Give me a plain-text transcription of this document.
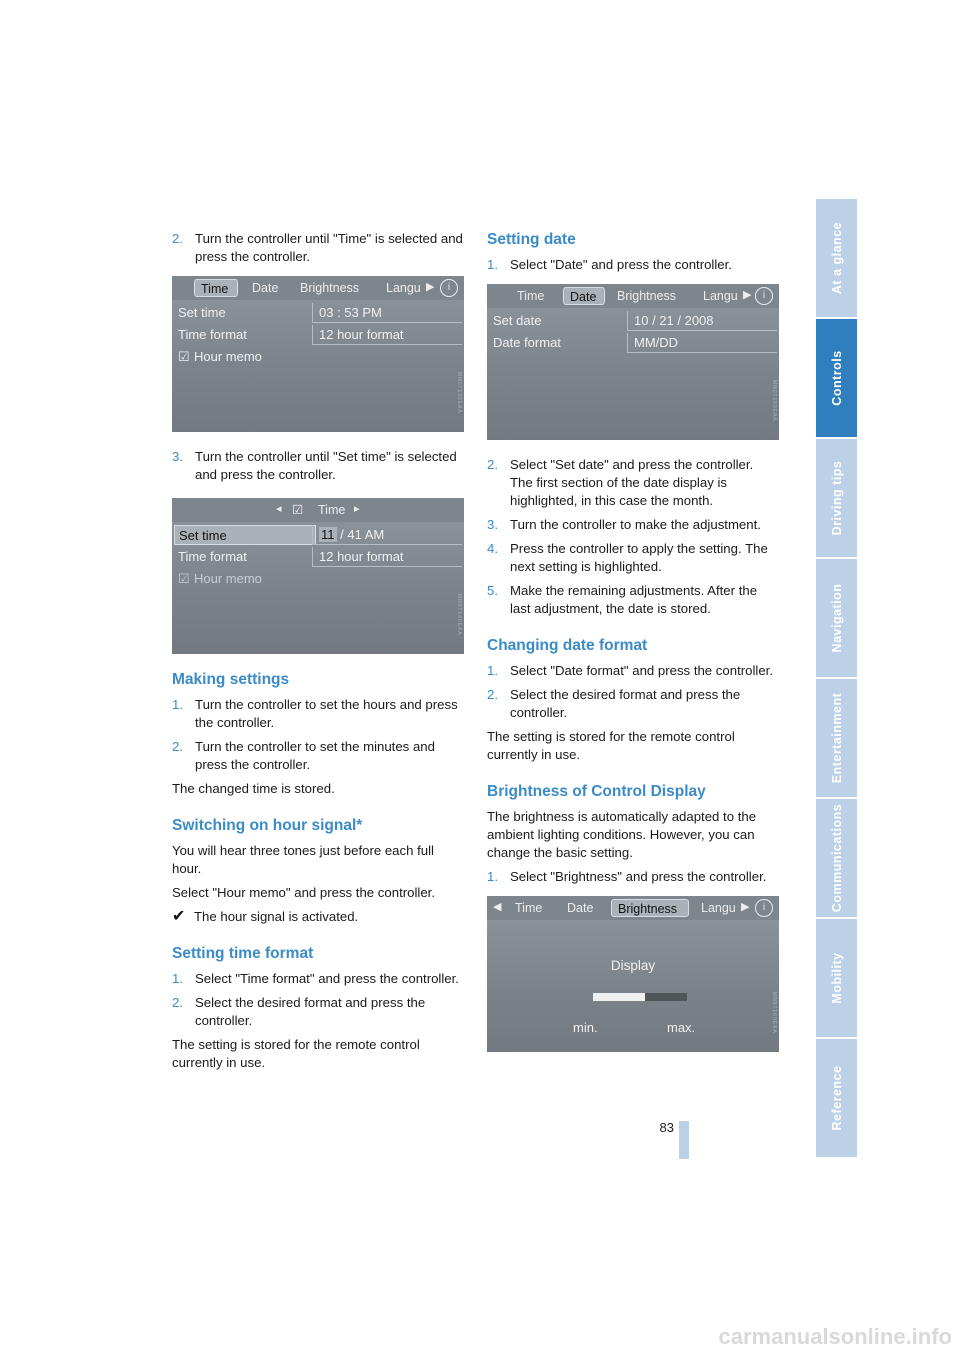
2. Turn the controller until "Time" is selected and press the controller.
Time	Date Brightness Langu ▶	i
Set time	03 : 53 PM
Time format	12 hour format
☑ Hour memo
MN07130EAA
3. Turn the controller until "Set time" is selected and press the controller.
◂ ☑ Time ▸
Set time	11 / 41 AM
Time format	12 hour format
☑ Hour memo
MN07140EAA
Making settings
1. Turn the controller to set the hours and press the controller.
2. Turn the controller to set the minutes and press the controller.

The changed time is stored.

Switching on hour signal*

You will hear three tones just before each full hour.

Select "Hour memo" and press the controller.

✔ The hour signal is activated.

Setting time format
1. Select "Time format" and press the controller.
2. Select the desired format and press the controller.

The setting is stored for the remote control currently in use.

Setting date
1. Select "Date" and press the controller.
Time	Date	Brightness Langu ▶	i
Set date	10 / 21 / 2008
Date format	MM/DD
MN07150EAA
2. Select "Set date" and press the controller. The first section of the date display is highlighted, in this case the month.
3. Turn the controller to make the adjustment.
4. Press the controller to apply the setting. The next setting is highlighted.
5. Make the remaining adjustments. After the last adjustment, the date is stored.
Changing date format
1. Select "Date format" and press the controller.
2. Select the desired format and press the controller.

The setting is stored for the remote control currently in use.

Brightness of Control Display

The brightness is automatically adapted to the ambient lighting conditions. However, you can change the basic setting.

1. Select "Brightness" and press the controller.
◀ Time Date	Brightness	Langu ▶	i
Display
min.	max.	MN07160EAA
At a glance
Controls
Driving tips
Navigation
Entertainment
Communications
Mobility
Reference
83
carmanualsonline.info
